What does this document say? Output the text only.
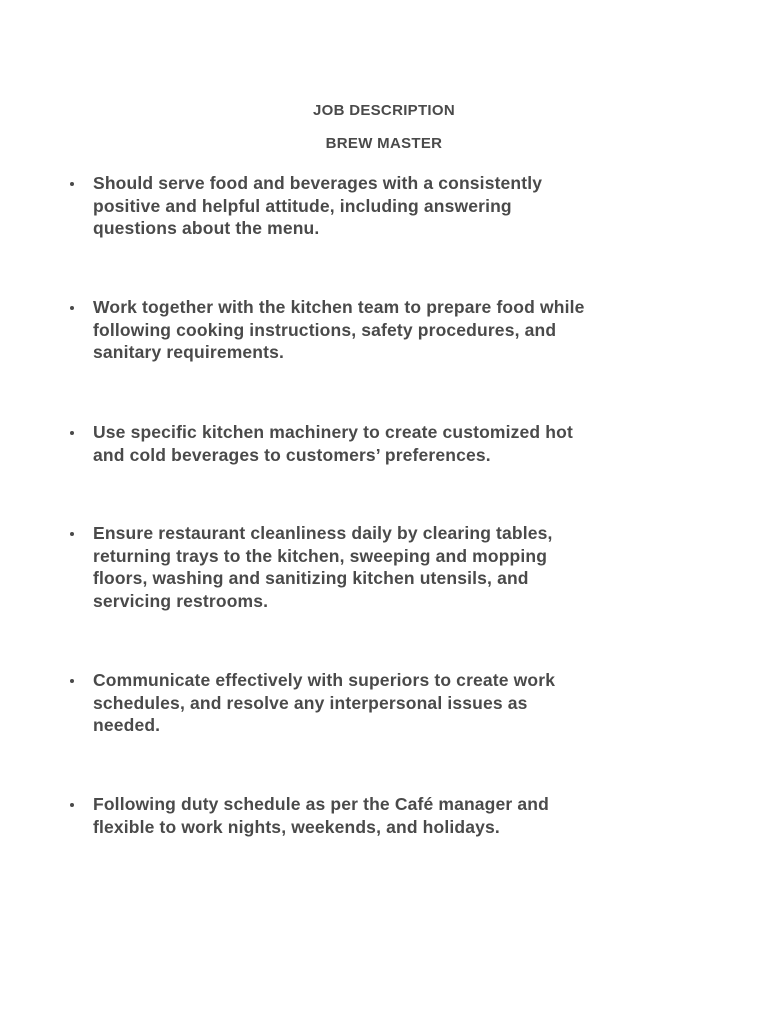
JOB DESCRIPTION
BREW MASTER
Should serve food and beverages with a consistently
positive and helpful attitude, including answering
questions about the menu.
Work together with the kitchen team to prepare food while
following cooking instructions, safety procedures, and
sanitary requirements.
Use specific kitchen machinery to create customized hot
and cold beverages to customers’ preferences.
Ensure restaurant cleanliness daily by clearing tables,
returning trays to the kitchen, sweeping and mopping
floors, washing and sanitizing kitchen utensils, and
servicing restrooms.
Communicate effectively with superiors to create work
schedules, and resolve any interpersonal issues as
needed.
Following duty schedule as per the Café manager and
flexible to work nights, weekends, and holidays.
